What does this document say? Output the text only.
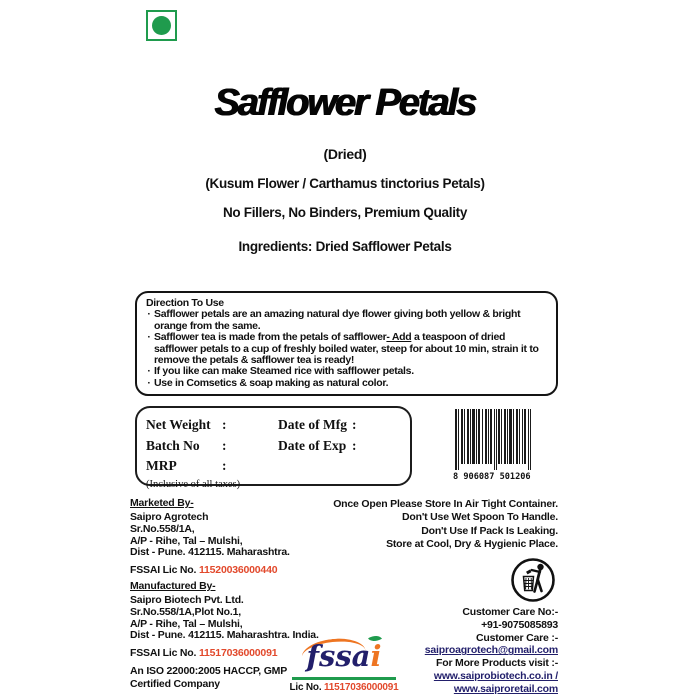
Safflower Petals
(Dried)
(Kusum Flower / Carthamus tinctorius Petals)
No Fillers, No Binders, Premium Quality
Ingredients: Dried Safflower Petals
Direction To Use
· Safflower petals are an amazing natural dye flower giving both yellow & bright orange from the same.
· Safflower tea is made from the petals of safflower- Add a teaspoon of dried safflower petals to a cup of freshly boiled water, steep for about 10 min, strain it to remove the petals & safflower tea is ready!
· If you like can make Steamed rice with safflower petals.
· Use in Comsetics & soap making as natural color.
Net Weight :	Date of Mfg :
Batch No	:	Date of Exp :
MRP	:
(Inclusive of all taxes)
8 906087 501206
Marketed By-
Saipro Agrotech
Sr.No.558/1A,
A/P - Rihe, Tal – Mulshi,
Dist - Pune. 412115. Maharashtra.
FSSAI Lic No. 11520036000440
Manufactured By-
Saipro Biotech Pvt. Ltd.
Sr.No.558/1A,Plot No.1,
A/P - Rihe, Tal – Mulshi,
Dist - Pune. 412115. Maharashtra. India.
FSSAI Lic No. 11517036000091
An ISO 22000:2005 HACCP, GMP
Certified Company
Once Open Please Store In Air Tight Container.
Don't Use Wet Spoon To Handle.
Don't Use If Pack Is Leaking.
Store at Cool, Dry & Hygienic Place.
Customer Care No:-
+91-9075085893
Customer Care :-
saiproagrotech@gmail.com
For More Products visit :-
www.saiprobiotech.co.in /
www.saiproretail.com
fssai
Lic No. 11517036000091
